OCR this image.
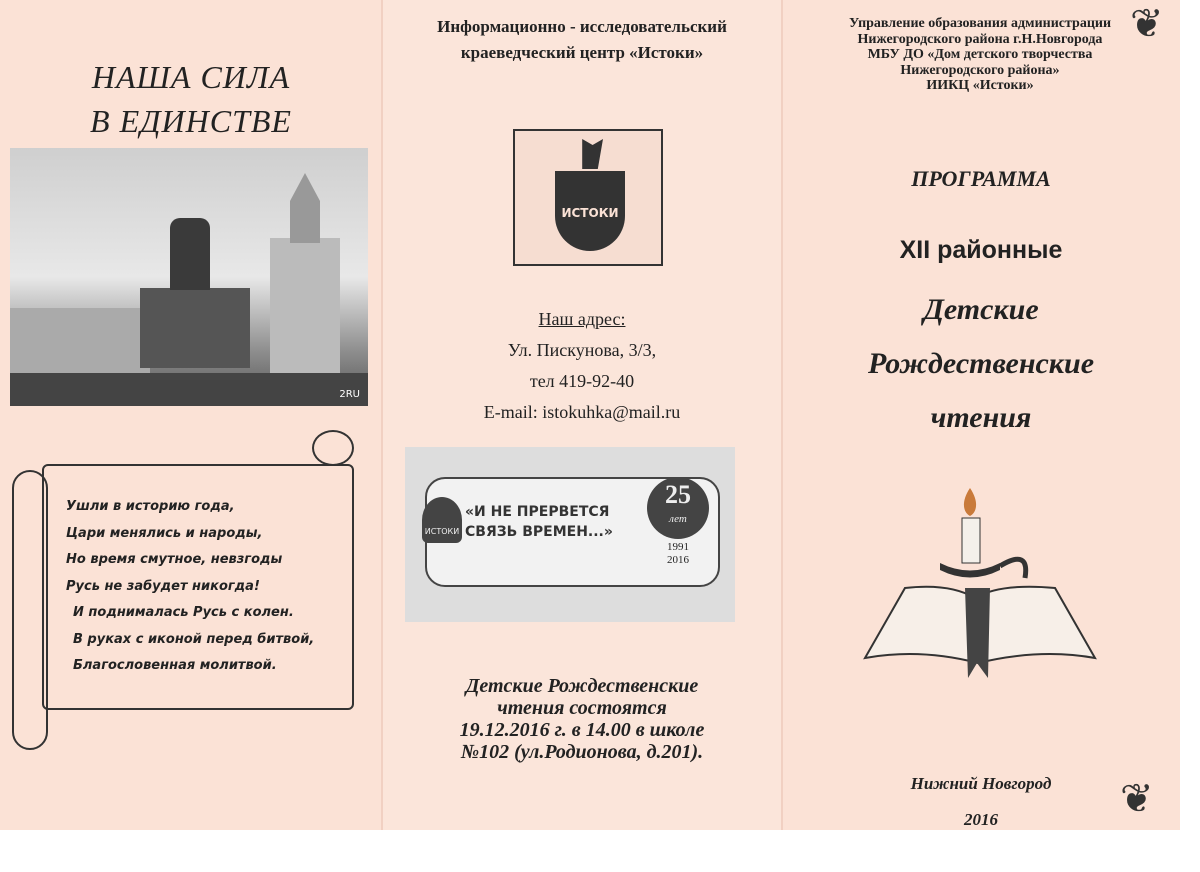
НАША СИЛА
В ЕДИНСТВЕ
2RU
Ушли в историю года,
Цари менялись и народы,
Но время смутное, невзгоды
Русь не забудет никогда!
И поднималась Русь с колен.
В руках с иконой перед битвой,
Благословенная молитвой.
Информационно - исследовательский
краеведческий центр «Истоки»
ИСТОКИ
Наш адрес:
Ул. Пискунова, 3/3,
тел 419-92-40
E-mail: istokuhka@mail.ru
ИСТОКИ
«И НЕ ПРЕРВЕТСЯ
СВЯЗЬ ВРЕМЕН...»
25
лет
1991
2016
Детские Рождественские
чтения состоятся
19.12.2016 г. в 14.00 в школе
№102 (ул.Родионова, д.201).
❦
❦
Управление образования администрации
Нижегородского района г.Н.Новгорода
МБУ ДО «Дом детского творчества
Нижегородского района»
ИИКЦ «Истоки»
ПРОГРАММА
XII районные
Детские
Рождественские
чтения
Нижний Новгород
2016
